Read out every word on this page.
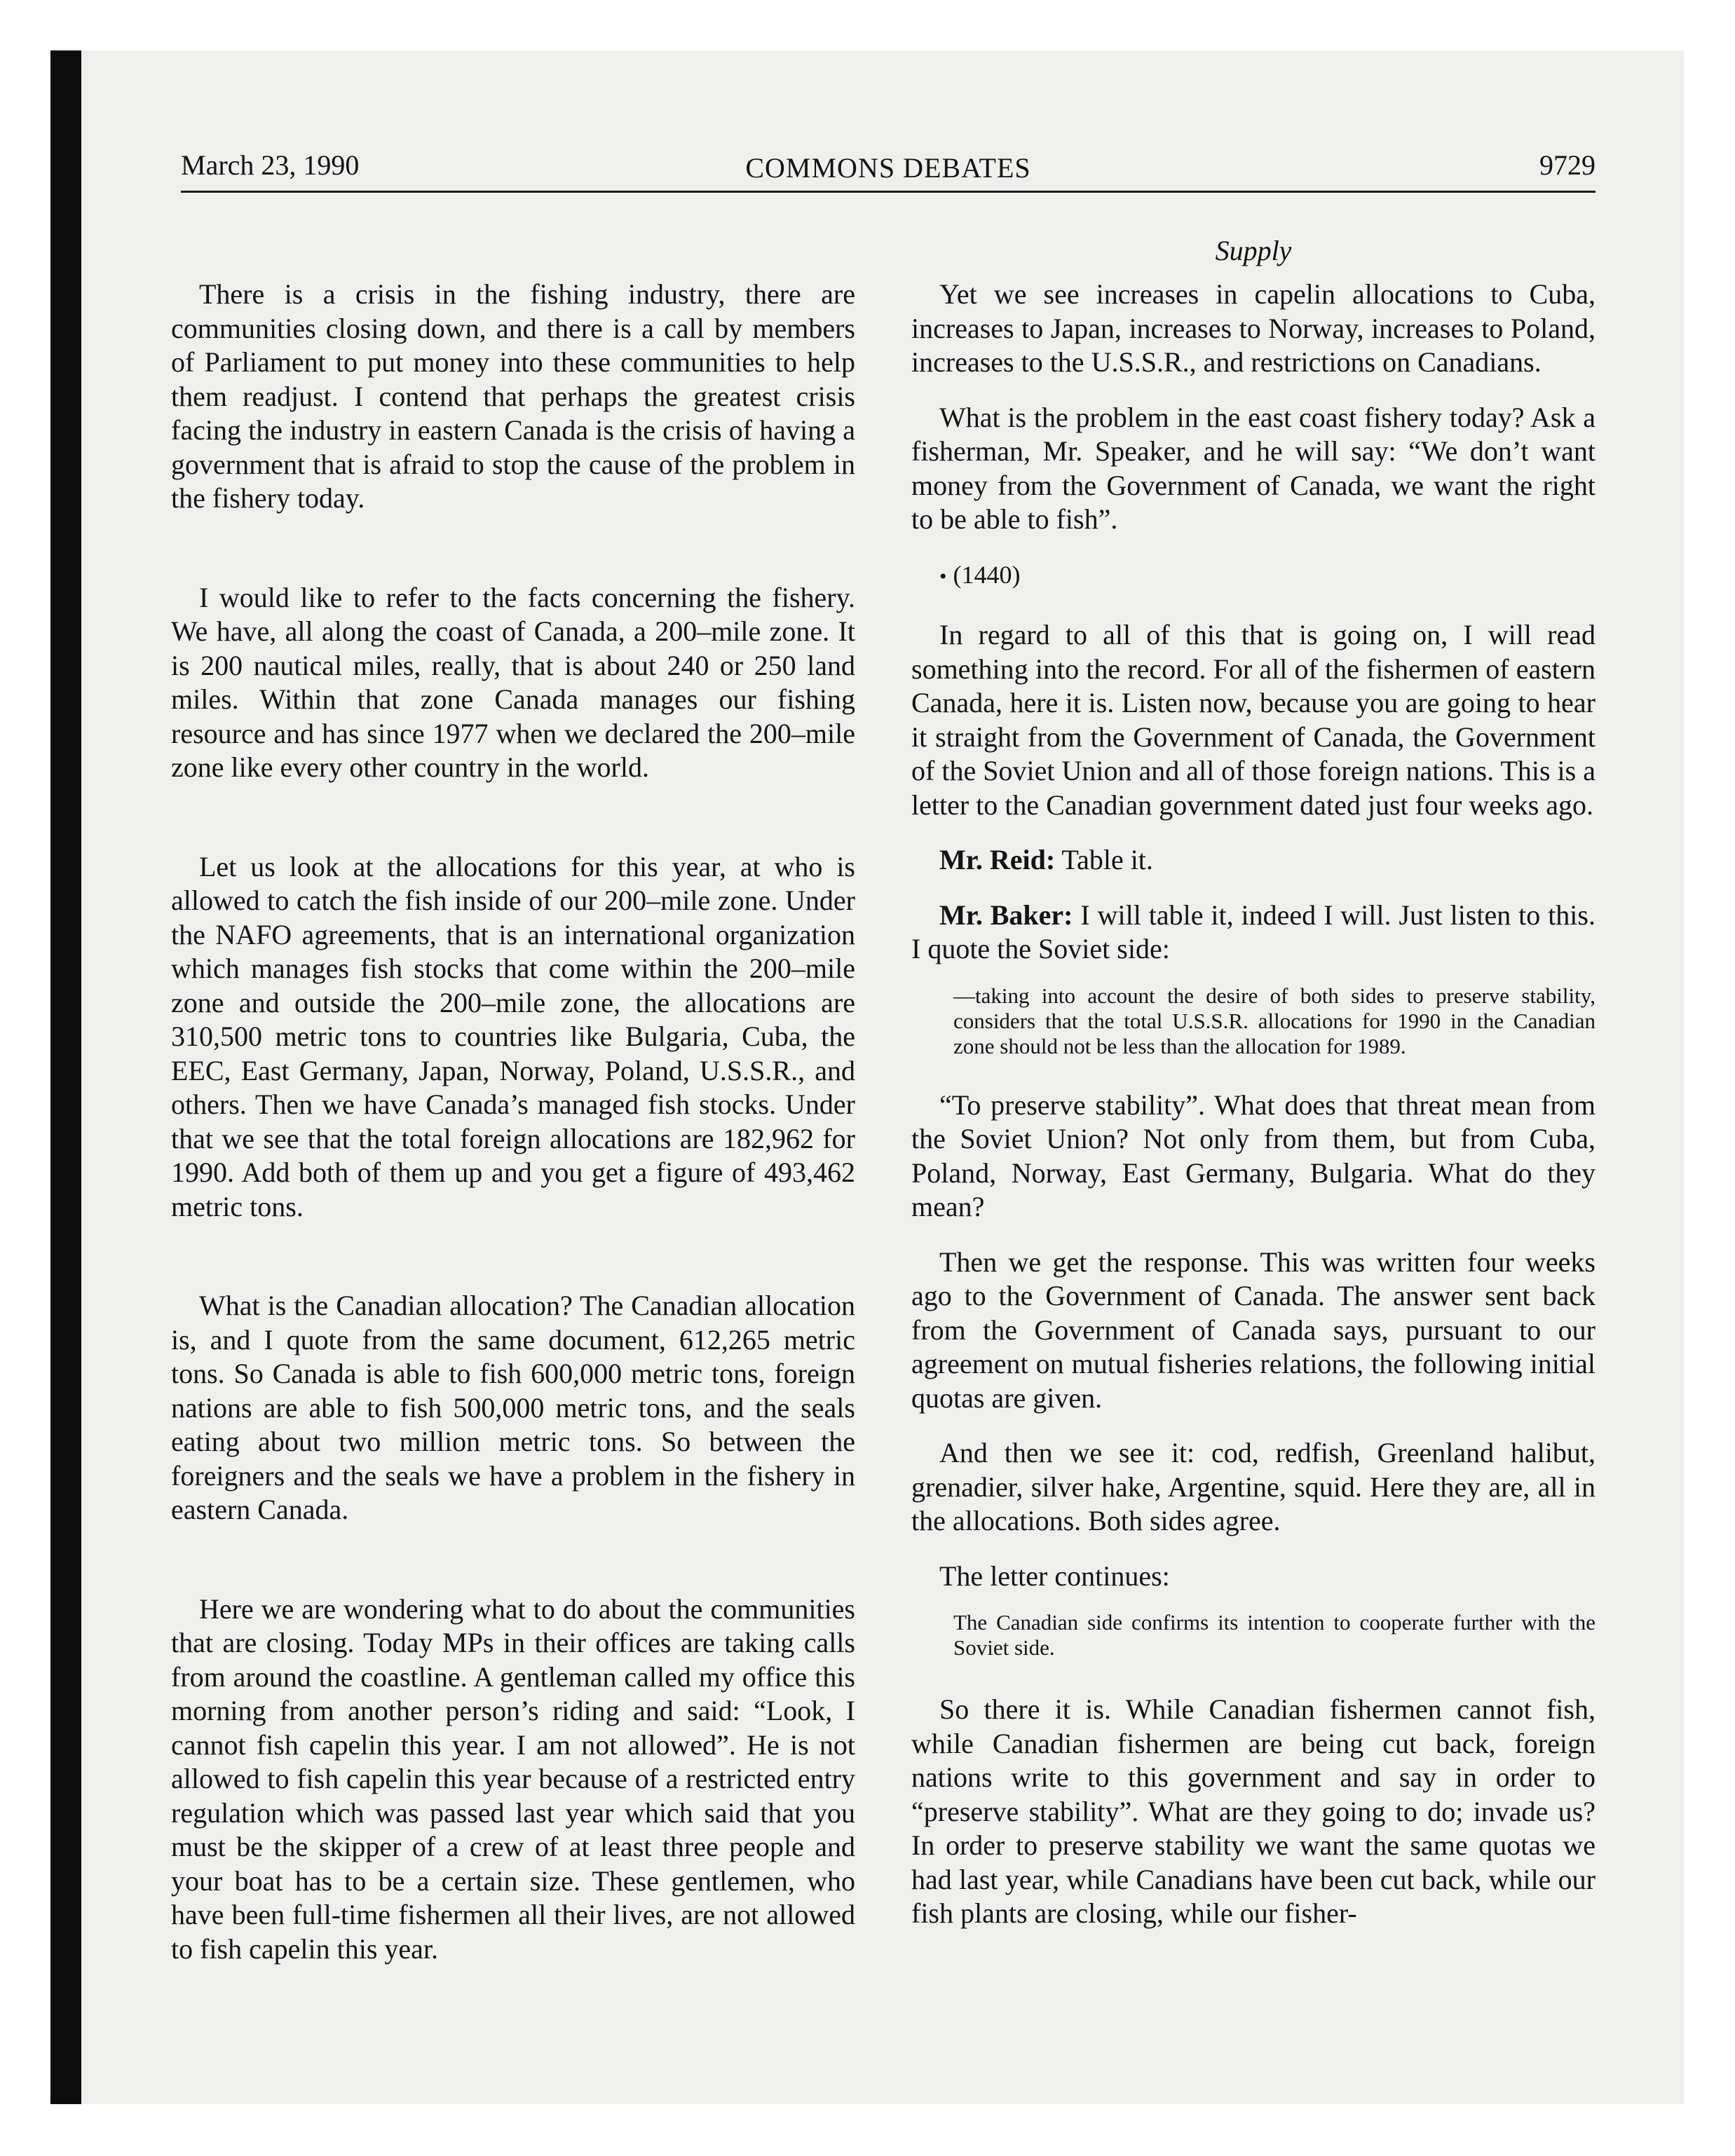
March 23, 1990	COMMONS DEBATES	9729
Supply

There is a crisis in the fishing industry, there are communities closing down, and there is a call by members of Parliament to put money into these communities to help them readjust. I contend that perhaps the greatest crisis facing the industry in eastern Canada is the crisis of having a government that is afraid to stop the cause of the problem in the fishery today.

I would like to refer to the facts concerning the fishery. We have, all along the coast of Canada, a 200–mile zone. It is 200 nautical miles, really, that is about 240 or 250 land miles. Within that zone Canada manages our fishing resource and has since 1977 when we declared the 200–mile zone like every other country in the world.

Let us look at the allocations for this year, at who is allowed to catch the fish inside of our 200–mile zone. Under the NAFO agreements, that is an international organization which manages fish stocks that come within the 200–mile zone and outside the 200–mile zone, the allocations are 310,500 metric tons to countries like Bulgaria, Cuba, the EEC, East Germany, Japan, Norway, Poland, U.S.S.R., and others. Then we have Canada’s managed fish stocks. Under that we see that the total foreign allocations are 182,962 for 1990. Add both of them up and you get a figure of 493,462 metric tons.

What is the Canadian allocation? The Canadian allocation is, and I quote from the same document, 612,265 metric tons. So Canada is able to fish 600,000 metric tons, foreign nations are able to fish 500,000 metric tons, and the seals eating about two million metric tons. So between the foreigners and the seals we have a problem in the fishery in eastern Canada.

Here we are wondering what to do about the communities that are closing. Today MPs in their offices are taking calls from around the coastline. A gentleman called my office this morning from another person’s riding and said: “Look, I cannot fish capelin this year. I am not allowed”. He is not allowed to fish capelin this year because of a restricted entry regulation which was passed last year which said that you must be the skipper of a crew of at least three people and your boat has to be a certain size. These gentlemen, who have been full-time fishermen all their lives, are not allowed to fish capelin this year.

Yet we see increases in capelin allocations to Cuba, increases to Japan, increases to Norway, increases to Poland, increases to the U.S.S.R., and restrictions on Canadians.

What is the problem in the east coast fishery today? Ask a fisherman, Mr. Speaker, and he will say: “We don’t want money from the Government of Canada, we want the right to be able to fish”.

• (1440)

In regard to all of this that is going on, I will read something into the record. For all of the fishermen of eastern Canada, here it is. Listen now, because you are going to hear it straight from the Government of Canada, the Government of the Soviet Union and all of those foreign nations. This is a letter to the Canadian government dated just four weeks ago.

Mr. Reid: Table it.

Mr. Baker: I will table it, indeed I will. Just listen to this. I quote the Soviet side:

—taking into account the desire of both sides to preserve stability, considers that the total U.S.S.R. allocations for 1990 in the Canadian zone should not be less than the allocation for 1989.

“To preserve stability”. What does that threat mean from the Soviet Union? Not only from them, but from Cuba, Poland, Norway, East Germany, Bulgaria. What do they mean?

Then we get the response. This was written four weeks ago to the Government of Canada. The answer sent back from the Government of Canada says, pursuant to our agreement on mutual fisheries relations, the following initial quotas are given.

And then we see it: cod, redfish, Greenland halibut, grenadier, silver hake, Argentine, squid. Here they are, all in the allocations. Both sides agree.

The letter continues:

The Canadian side confirms its intention to cooperate further with the Soviet side.

So there it is. While Canadian fishermen cannot fish, while Canadian fishermen are being cut back, foreign nations write to this government and say in order to “preserve stability”. What are they going to do; invade us? In order to preserve stability we want the same quotas we had last year, while Canadians have been cut back, while our fish plants are closing, while our fisher-
